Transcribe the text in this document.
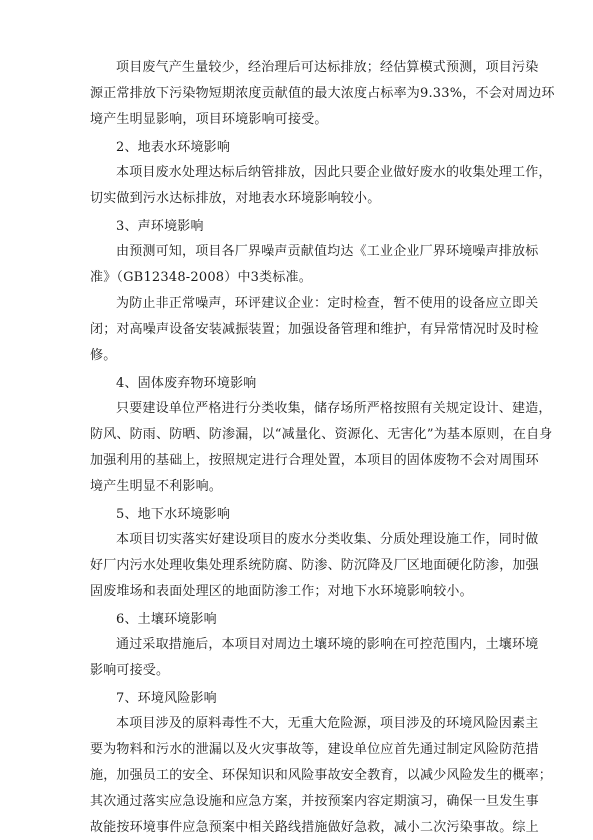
项目废气产生量较少，经治理后可达标排放；经估算模式预测，项目污染
源正常排放下污染物短期浓度贡献值的最大浓度占标率为9.33%，不会对周边环
境产生明显影响，项目环境影响可接受。
2、地表水环境影响
本项目废水处理达标后纳管排放，因此只要企业做好废水的收集处理工作，
切实做到污水达标排放，对地表水环境影响较小。
3、声环境影响
由预测可知，项目各厂界噪声贡献值均达《工业企业厂界环境噪声排放标
准》（GB12348-2008）中3类标准。
为防止非正常噪声，环评建议企业：定时检查，暂不使用的设备应立即关
闭；对高噪声设备安装减振装置；加强设备管理和维护，有异常情况时及时检
修。
4、固体废弃物环境影响
只要建设单位严格进行分类收集，储存场所严格按照有关规定设计、建造，
防风、防雨、防晒、防渗漏，以“减量化、资源化、无害化”为基本原则，在自身
加强利用的基础上，按照规定进行合理处置，本项目的固体废物不会对周围环
境产生明显不利影响。
5、地下水环境影响
本项目切实落实好建设项目的废水分类收集、分质处理设施工作，同时做
好厂内污水处理收集处理系统防腐、防渗、防沉降及厂区地面硬化防渗，加强
固废堆场和表面处理区的地面防渗工作；对地下水环境影响较小。
6、土壤环境影响
通过采取措施后，本项目对周边土壤环境的影响在可控范围内，土壤环境
影响可接受。
7、环境风险影响
本项目涉及的原料毒性不大，无重大危险源，项目涉及的环境风险因素主
要为物料和污水的泄漏以及火灾事故等，建设单位应首先通过制定风险防范措
施，加强员工的安全、环保知识和风险事故安全教育，以减少风险发生的概率；
其次通过落实应急设施和应急方案，并按预案内容定期演习，确保一旦发生事
故能按环境事件应急预案中相关路线措施做好急救，减小二次污染事故。综上
